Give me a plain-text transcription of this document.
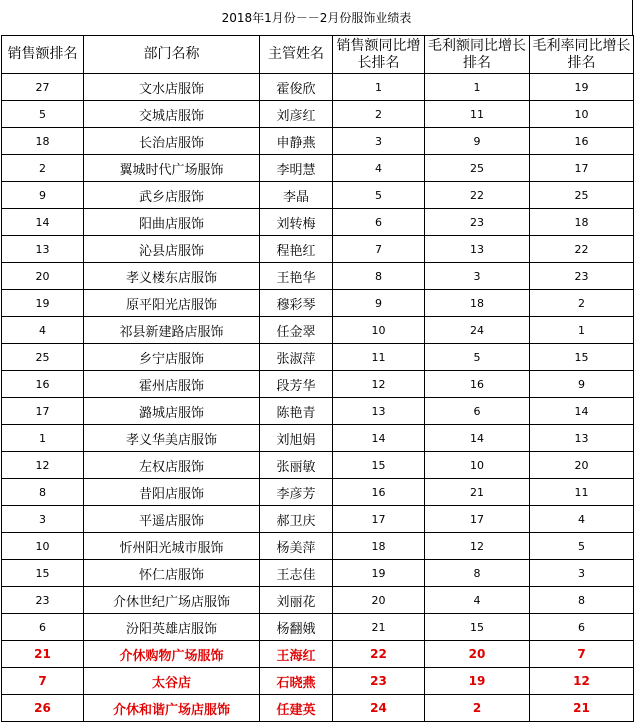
2018年1月份－－2月份服饰业绩表
销售额排名	部门名称	主管姓名	销售额同比增长排名	毛利额同比增长排名	毛利率同比增长排名
27	文水店服饰	霍俊欣	1	1	19
5	交城店服饰	刘彦红	2	11	10
18	长治店服饰	申静燕	3	9	16
2	翼城时代广场服饰	李明慧	4	25	17
9	武乡店服饰	李晶	5	22	25
14	阳曲店服饰	刘转梅	6	23	18
13	沁县店服饰	程艳红	7	13	22
20	孝义楼东店服饰	王艳华	8	3	23
19	原平阳光店服饰	穆彩琴	9	18	2
4	祁县新建路店服饰	任金翠	10	24	1
25	乡宁店服饰	张淑萍	11	5	15
16	霍州店服饰	段芳华	12	16	9
17	潞城店服饰	陈艳青	13	6	14
1	孝义华美店服饰	刘旭娟	14	14	13
12	左权店服饰	张丽敏	15	10	20
8	昔阳店服饰	李彦芳	16	21	11
3	平遥店服饰	郝卫庆	17	17	4
10	忻州阳光城市服饰	杨美萍	18	12	5
15	怀仁店服饰	王志佳	19	8	3
23	介休世纪广场店服饰	刘丽花	20	4	8
6	汾阳英雄店服饰	杨翻娥	21	15	6
21	介休购物广场服饰	王海红	22	20	7
7	太谷店	石晓燕	23	19	12
26	介休和谐广场店服饰	任建英	24	2	21
